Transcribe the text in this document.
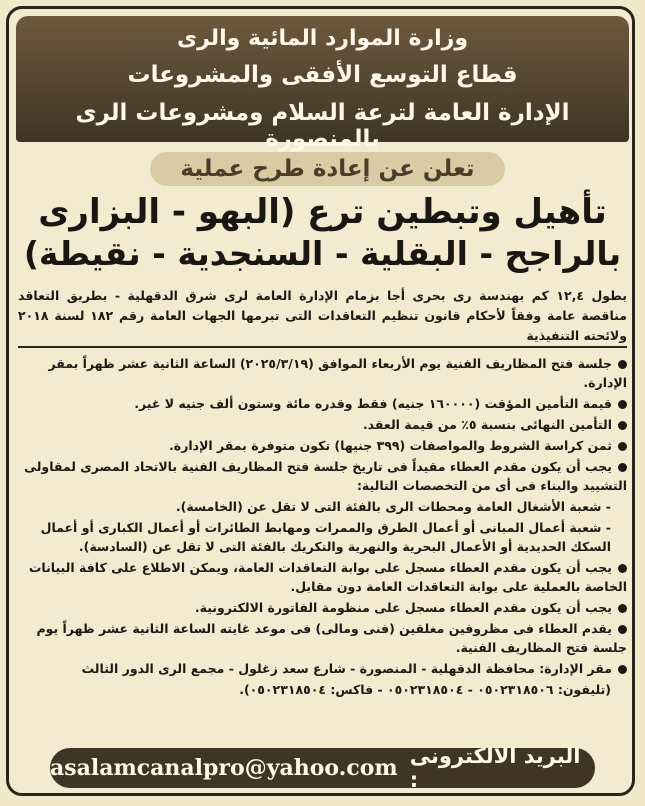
وزارة الموارد المائية والرى
قطاع التوسع الأفقى والمشروعات
الإدارة العامة لترعة السلام ومشروعات الرى بالمنصورة
تعلن عن إعادة طرح عملية
تأهيل وتبطين ترع (البهو - البزارى
بالراجح - البقلية - السنجدية - نقيطة)
بطول ١٢,٤ كم بهندسة رى بحرى أجا بزمام الإدارة العامة لرى شرق الدقهلية - بطريق التعاقد مناقصة عامة وفقاً لأحكام قانون تنظيم التعاقدات التى تبرمها الجهات العامة رقم ١٨٢ لسنة ٢٠١٨ ولائحته التنفيذية

جلسة فتح المظاريف الفنية يوم الأربعاء الموافق (٢٠٢٥/٣/١٩) الساعة الثانية عشر ظهراً بمقر الإدارة.

قيمة التأمين المؤقت (١٦٠٠٠٠ جنيه) فقط وقدره مائة وستون ألف جنيه لا غير.

التأمين النهائى بنسبة ٥٪ من قيمة العقد.

ثمن كراسة الشروط والمواصفات (٣٩٩ جنيها) تكون متوفرة بمقر الإدارة.

يجب أن يكون مقدم العطاء مقيداً فى تاريخ جلسة فتح المظاريف الفنية بالاتحاد المصرى لمقاولى التشييد والبناء فى أى من التخصصات التالية:

- شعبة الأشغال العامة ومحطات الرى بالفئة التى لا تقل عن (الخامسة).

- شعبة أعمال المبانى أو أعمال الطرق والممرات ومهابط الطائرات أو أعمال الكبارى أو أعمال السكك الحديدية أو الأعمال البحرية والنهرية والتكريك بالفئة التى لا تقل عن (السادسة).

يجب أن يكون مقدم العطاء مسجل على بوابة التعاقدات العامة، ويمكن الاطلاع على كافة البيانات الخاصة بالعملية على بوابة التعاقدات العامة دون مقابل.

يجب أن يكون مقدم العطاء مسجل على منظومة الفاتورة الالكترونية.

يقدم العطاء فى مظروفين مغلقين (فنى ومالى) فى موعد غايته الساعة الثانية عشر ظهراً يوم جلسة فتح المظاريف الفنية.

مقر الإدارة: محافظة الدقهلية - المنصورة - شارع سعد زغلول - مجمع الرى الدور الثالث

(تليفون: ٠٥٠٢٣١٨٥٠٦ - ٠٥٠٢٣١٨٥٠٤ - فاكس: ٠٥٠٢٣١٨٥٠٤).

البريد الالكترونى :
asalamcanalpro@yahoo.com
